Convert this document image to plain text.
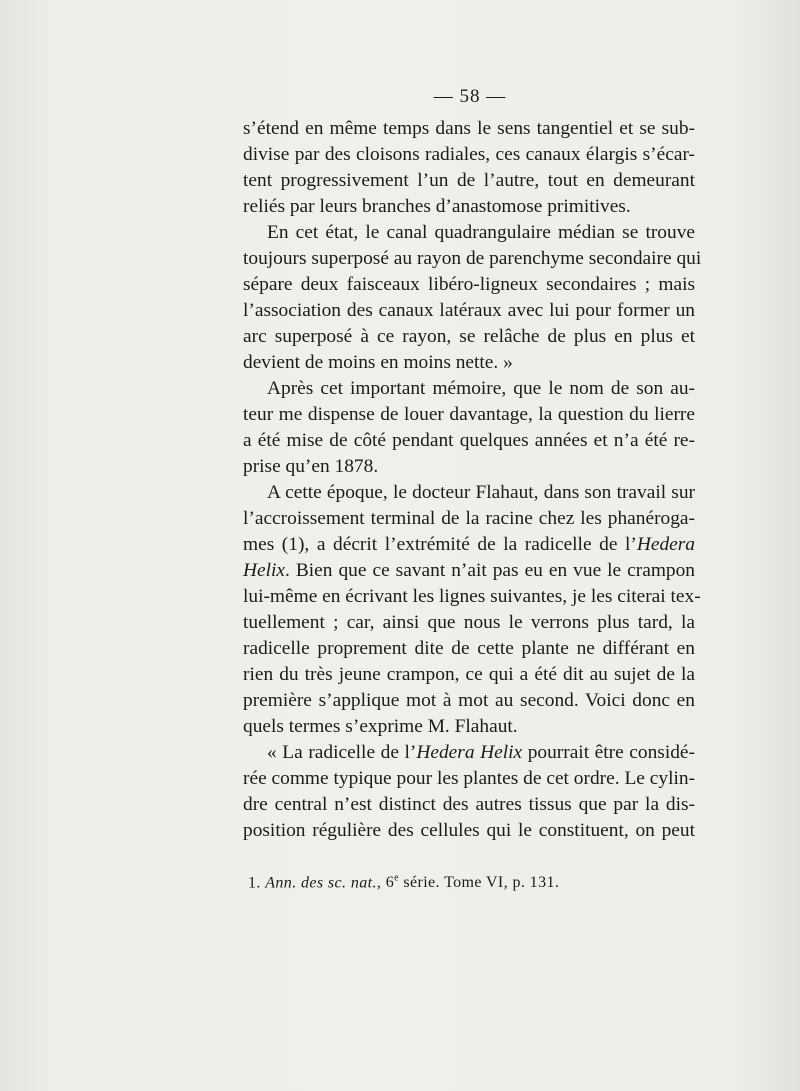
— 58 —

s’étend en même temps dans le sens tangentiel et se sub-
divise par des cloisons radiales, ces canaux élargis s’écar-
tent progressivement l’un de l’autre, tout en demeurant
reliés par leurs branches d’anastomose primitives.

En cet état, le canal quadrangulaire médian se trouve
toujours superposé au rayon de parenchyme secondaire qui
sépare deux faisceaux libéro-ligneux secondaires ; mais
l’association des canaux latéraux avec lui pour former un
arc superposé à ce rayon, se relâche de plus en plus et
devient de moins en moins nette. »

Après cet important mémoire, que le nom de son au-
teur me dispense de louer davantage, la question du lierre
a été mise de côté pendant quelques années et n’a été re-
prise qu’en 1878.

A cette époque, le docteur Flahaut, dans son travail sur
l’accroissement terminal de la racine chez les phanéroga-
mes (1), a décrit l’extrémité de la radicelle de l’Hedera
Helix. Bien que ce savant n’ait pas eu en vue le crampon
lui-même en écrivant les lignes suivantes, je les citerai tex-
tuellement ; car, ainsi que nous le verrons plus tard, la
radicelle proprement dite de cette plante ne différant en
rien du très jeune crampon, ce qui a été dit au sujet de la
première s’applique mot à mot au second. Voici donc en
quels termes s’exprime M. Flahaut.

« La radicelle de l’Hedera Helix pourrait être considé-
rée comme typique pour les plantes de cet ordre. Le cylin-
dre central n’est distinct des autres tissus que par la dis-
position régulière des cellules qui le constituent, on peut

1. Ann. des sc. nat., 6e série. Tome VI, p. 131.
